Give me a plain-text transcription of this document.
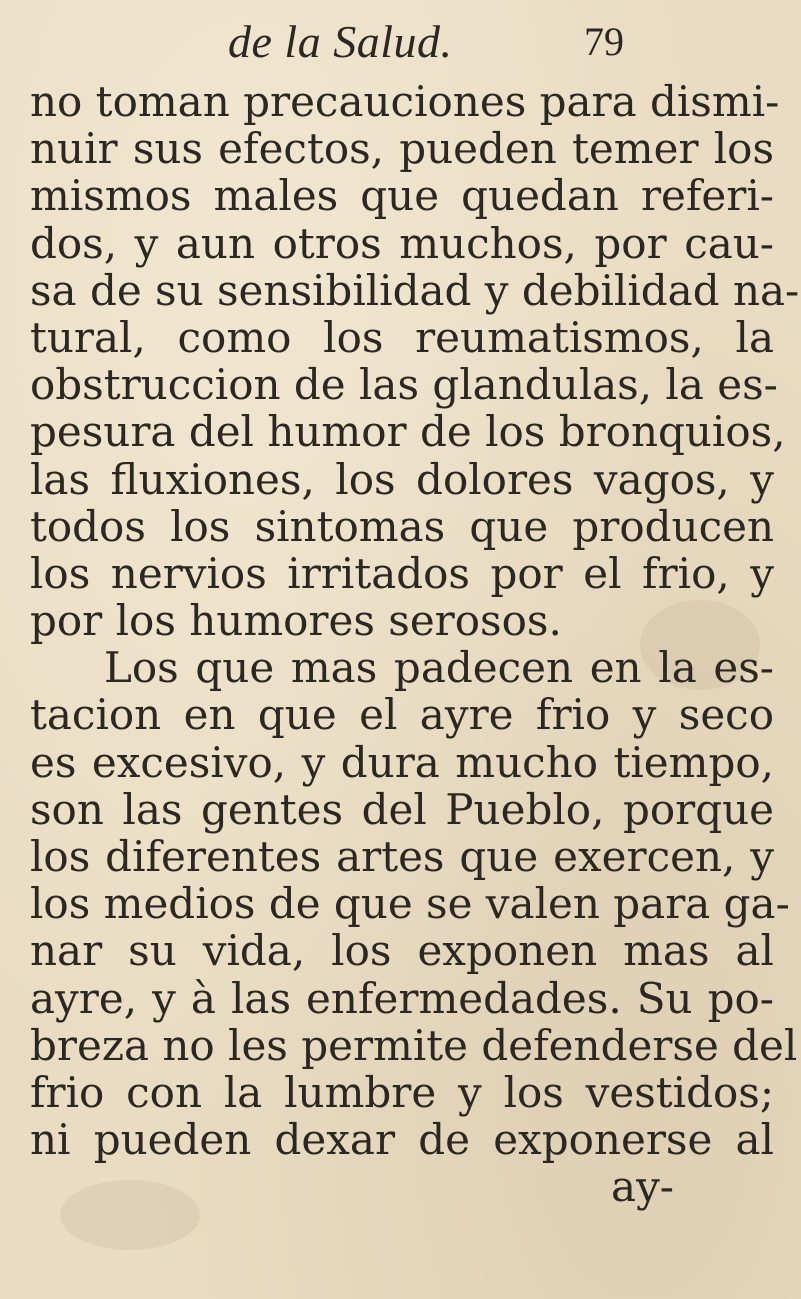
de la Salud.	79
no toman precauciones para dismi-
nuir sus efectos, pueden temer los
mismos males que quedan referi-
dos, y aun otros muchos, por cau-
sa de su sensibilidad y debilidad na-
tural, como los reumatismos, la
obstruccion de las glandulas, la es-
pesura del humor de los bronquios,
las fluxiones, los dolores vagos, y
todos los sintomas que producen
los nervios irritados por el frio, y
por los humores serosos.
Los que mas padecen en la es-
tacion en que el ayre frio y seco
es excesivo, y dura mucho tiempo,
son las gentes del Pueblo, porque
los diferentes artes que exercen, y
los medios de que se valen para ga-
nar su vida, los exponen mas al
ayre, y à las enfermedades. Su po-
breza no les permite defenderse del
frio con la lumbre y los vestidos;
ni pueden dexar de exponerse al
ay-
